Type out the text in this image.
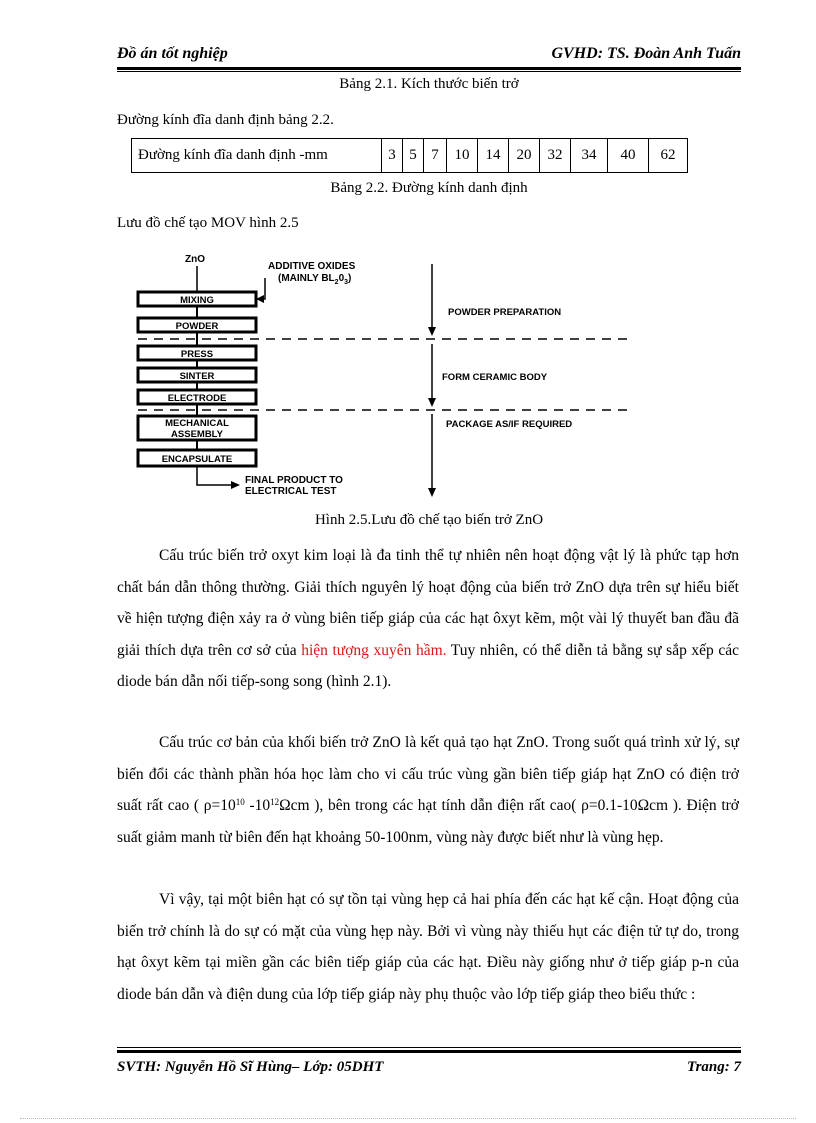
Đồ án tốt nghiệp	GVHD: TS. Đoàn Anh Tuấn
Bảng 2.1. Kích thước biến trở
Đường kính đĩa danh định bảng 2.2.
Đường kính đĩa danh định -mm	3	5	7	10	14	20	32	34	40	62
Bảng 2.2. Đường kính danh định
Lưu đồ chế tạo MOV hình 2.5
ZnO
ADDITIVE OXIDES
(MAINLY $BL_20_3$)
MIXING
POWDER
PRESS
SINTER
ELECTRODE
MECHANICAL
ASSEMBLY
ENCAPSULATE
FINAL PRODUCT TO
ELECTRICAL TEST
POWDER PREPARATION
FORM CERAMIC BODY
PACKAGE AS/IF REQUIRED
Hình 2.5.Lưu đồ chế tạo biến trở ZnO

Cấu trúc biến trở oxyt kim loại là đa tinh thể tự nhiên nên hoạt động vật lý là phức tạp hơn chất bán dẫn thông thường. Giải thích nguyên lý hoạt động của biến trở ZnO dựa trên sự hiểu biết về hiện tượng điện xảy ra ở vùng biên tiếp giáp của các hạt ôxyt kẽm, một vài lý thuyết ban đầu đã giải thích dựa trên cơ sở của hiện tượng xuyên hầm. Tuy nhiên, có thể diễn tả bằng sự sắp xếp các diode bán dẫn nối tiếp-song song (hình 2.1).

Cấu trúc cơ bản của khối biến trở ZnO là kết quả tạo hạt ZnO. Trong suốt quá trình xử lý, sự biến đổi các thành phần hóa học làm cho vi cấu trúc vùng gần biên tiếp giáp hạt ZnO có điện trở suất rất cao ( $\rho=10^{10}$ $-10^{12}\Omega cm$ ), bên trong các hạt tính dẫn điện rất cao( ρ=0.1-10Ωcm ). Điện trở suất giảm manh từ biên đến hạt khoảng 50-100nm, vùng này được biết như là vùng hẹp.

Vì vậy, tại một biên hạt có sự tồn tại vùng hẹp cả hai phía đến các hạt kế cận. Hoạt động của biến trở chính là do sự có mặt của vùng hẹp này. Bởi vì vùng này thiếu hụt các điện tử tự do, trong hạt ôxyt kẽm tại miền gần các biên tiếp giáp của các hạt. Điều này giống như ở tiếp giáp p-n của diode bán dẫn và điện dung của lớp tiếp giáp này phụ thuộc vào lớp tiếp giáp theo biểu thức :

SVTH: Nguyễn Hồ Sĩ Hùng– Lớp: 05DHT	Trang: 7
